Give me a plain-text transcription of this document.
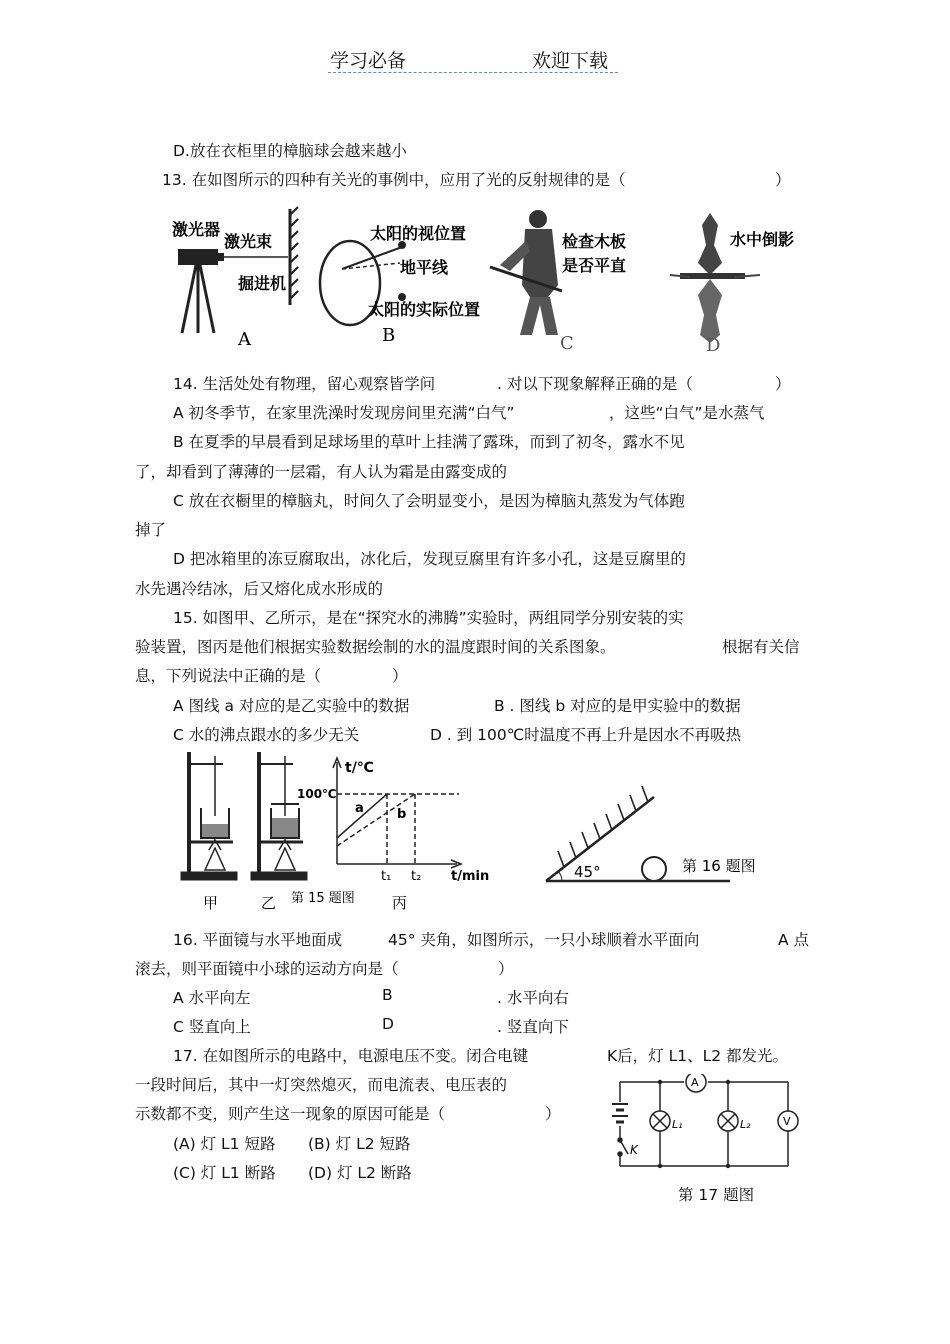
学习必备	欢迎下载
D.放在衣柜里的樟脑球会越来越小
13. 在如图所示的四种有关光的事例中，应用了光的反射规律的是（	）
激光器
激光束
掘进机
A
太阳的视位置
地平线
太阳的实际位置
B
检查木板
是否平直
C
水中倒影
D
14. 生活处处有物理，留心观察皆学问	. 对以下现象解释正确的是（	）
A 初冬季节，在家里洗澡时发现房间里充满“白气”	，这些“白气”是水蒸气
B 在夏季的早晨看到足球场里的草叶上挂满了露珠，而到了初冬，露水不见
了，却看到了薄薄的一层霜，有人认为霜是由露变成的
C 放在衣橱里的樟脑丸，时间久了会明显变小，是因为樟脑丸蒸发为气体跑
掉了
D 把冰箱里的冻豆腐取出，冰化后，发现豆腐里有许多小孔，这是豆腐里的
水先遇冷结冰，后又熔化成水形成的
15. 如图甲、乙所示，是在“探究水的沸腾”实验时，两组同学分别安装的实
验装置，图丙是他们根据实验数据绘制的水的温度跟时间的关系图象。	根据有关信
息，下列说法中正确的是（	）
A 图线 a 对应的是乙实验中的数据	B . 图线 b 对应的是甲实验中的数据
C 水的沸点跟水的多少无关	D . 到 100℃时温度不再上升是因水不再吸热
甲	乙 第 15 题图 丙
t/℃
t/min
100℃
t₁ t₂
a	b
45°	第 16 题图
16. 平面镜与水平地面成	45° 夹角，如图所示，一只小球顺着水平面向	A 点
滚去，则平面镜中小球的运动方向是（	）
A 水平向左	B	. 水平向右
C 竖直向上	D	. 竖直向下
17. 在如图所示的电路中，电源电压不变。闭合电键	K后，灯 L1、L2 都发光。
一段时间后，其中一灯突然熄灭，而电流表、电压表的
示数都不变，则产生这一现象的原因可能是（	）
(A) 灯 L1 短路 (B) 灯 L2 短路
(C) 灯 L1 断路 (D) 灯 L2 断路
A
V
L₁	L₂
K
第 17 题图
